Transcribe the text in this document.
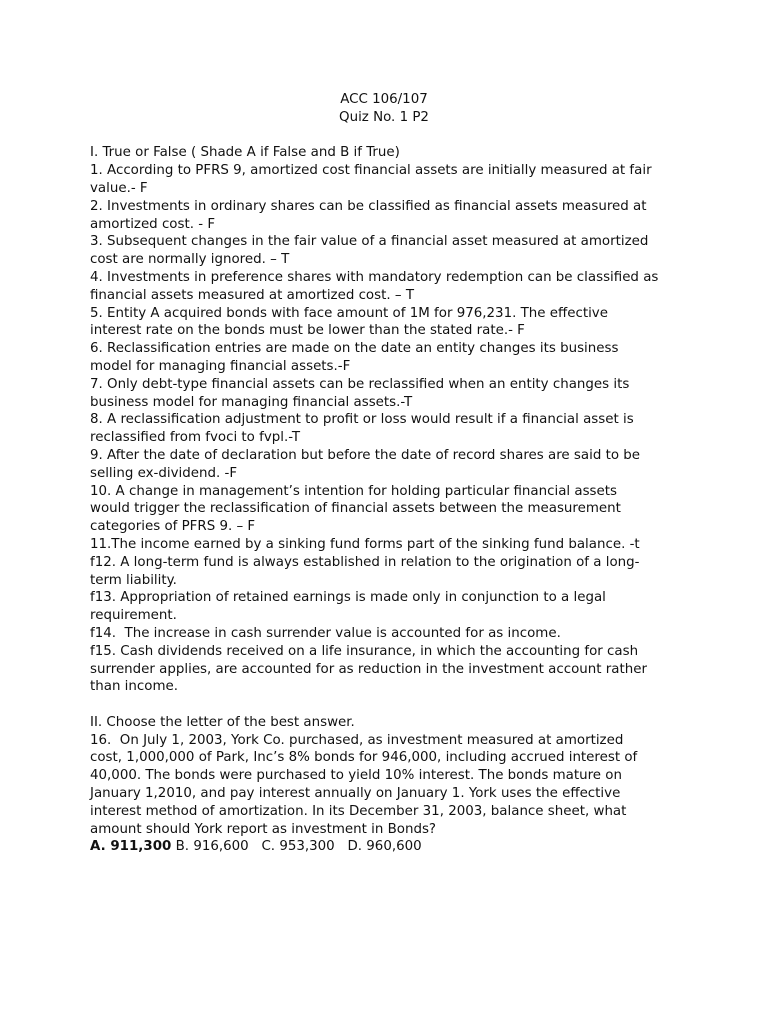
ACC 106/107
Quiz No. 1 P2
I. True or False ( Shade A if False and B if True)
1. According to PFRS 9, amortized cost financial assets are initially measured at fair
value.- F
2. Investments in ordinary shares can be classified as financial assets measured at
amortized cost. - F
3. Subsequent changes in the fair value of a financial asset measured at amortized
cost are normally ignored. – T
4. Investments in preference shares with mandatory redemption can be classified as
financial assets measured at amortized cost. – T
5. Entity A acquired bonds with face amount of 1M for 976,231. The effective
interest rate on the bonds must be lower than the stated rate.- F
6. Reclassification entries are made on the date an entity changes its business
model for managing financial assets.-F
7. Only debt-type financial assets can be reclassified when an entity changes its
business model for managing financial assets.-T
8. A reclassification adjustment to profit or loss would result if a financial asset is
reclassified from fvoci to fvpl.-T
9. After the date of declaration but before the date of record shares are said to be
selling ex-dividend. -F
10. A change in management’s intention for holding particular financial assets
would trigger the reclassification of financial assets between the measurement
categories of PFRS 9. – F
11.The income earned by a sinking fund forms part of the sinking fund balance. -t
f12. A long-term fund is always established in relation to the origination of a long-
term liability.
f13. Appropriation of retained earnings is made only in conjunction to a legal
requirement.
f14.  The increase in cash surrender value is accounted for as income.
f15. Cash dividends received on a life insurance, in which the accounting for cash
surrender applies, are accounted for as reduction in the investment account rather
than income.
II. Choose the letter of the best answer.
16.  On July 1, 2003, York Co. purchased, as investment measured at amortized
cost, 1,000,000 of Park, Inc’s 8% bonds for 946,000, including accrued interest of
40,000. The bonds were purchased to yield 10% interest. The bonds mature on
January 1,2010, and pay interest annually on January 1. York uses the effective
interest method of amortization. In its December 31, 2003, balance sheet, what
amount should York report as investment in Bonds?
A. 911,300 B. 916,600   C. 953,300   D. 960,600
